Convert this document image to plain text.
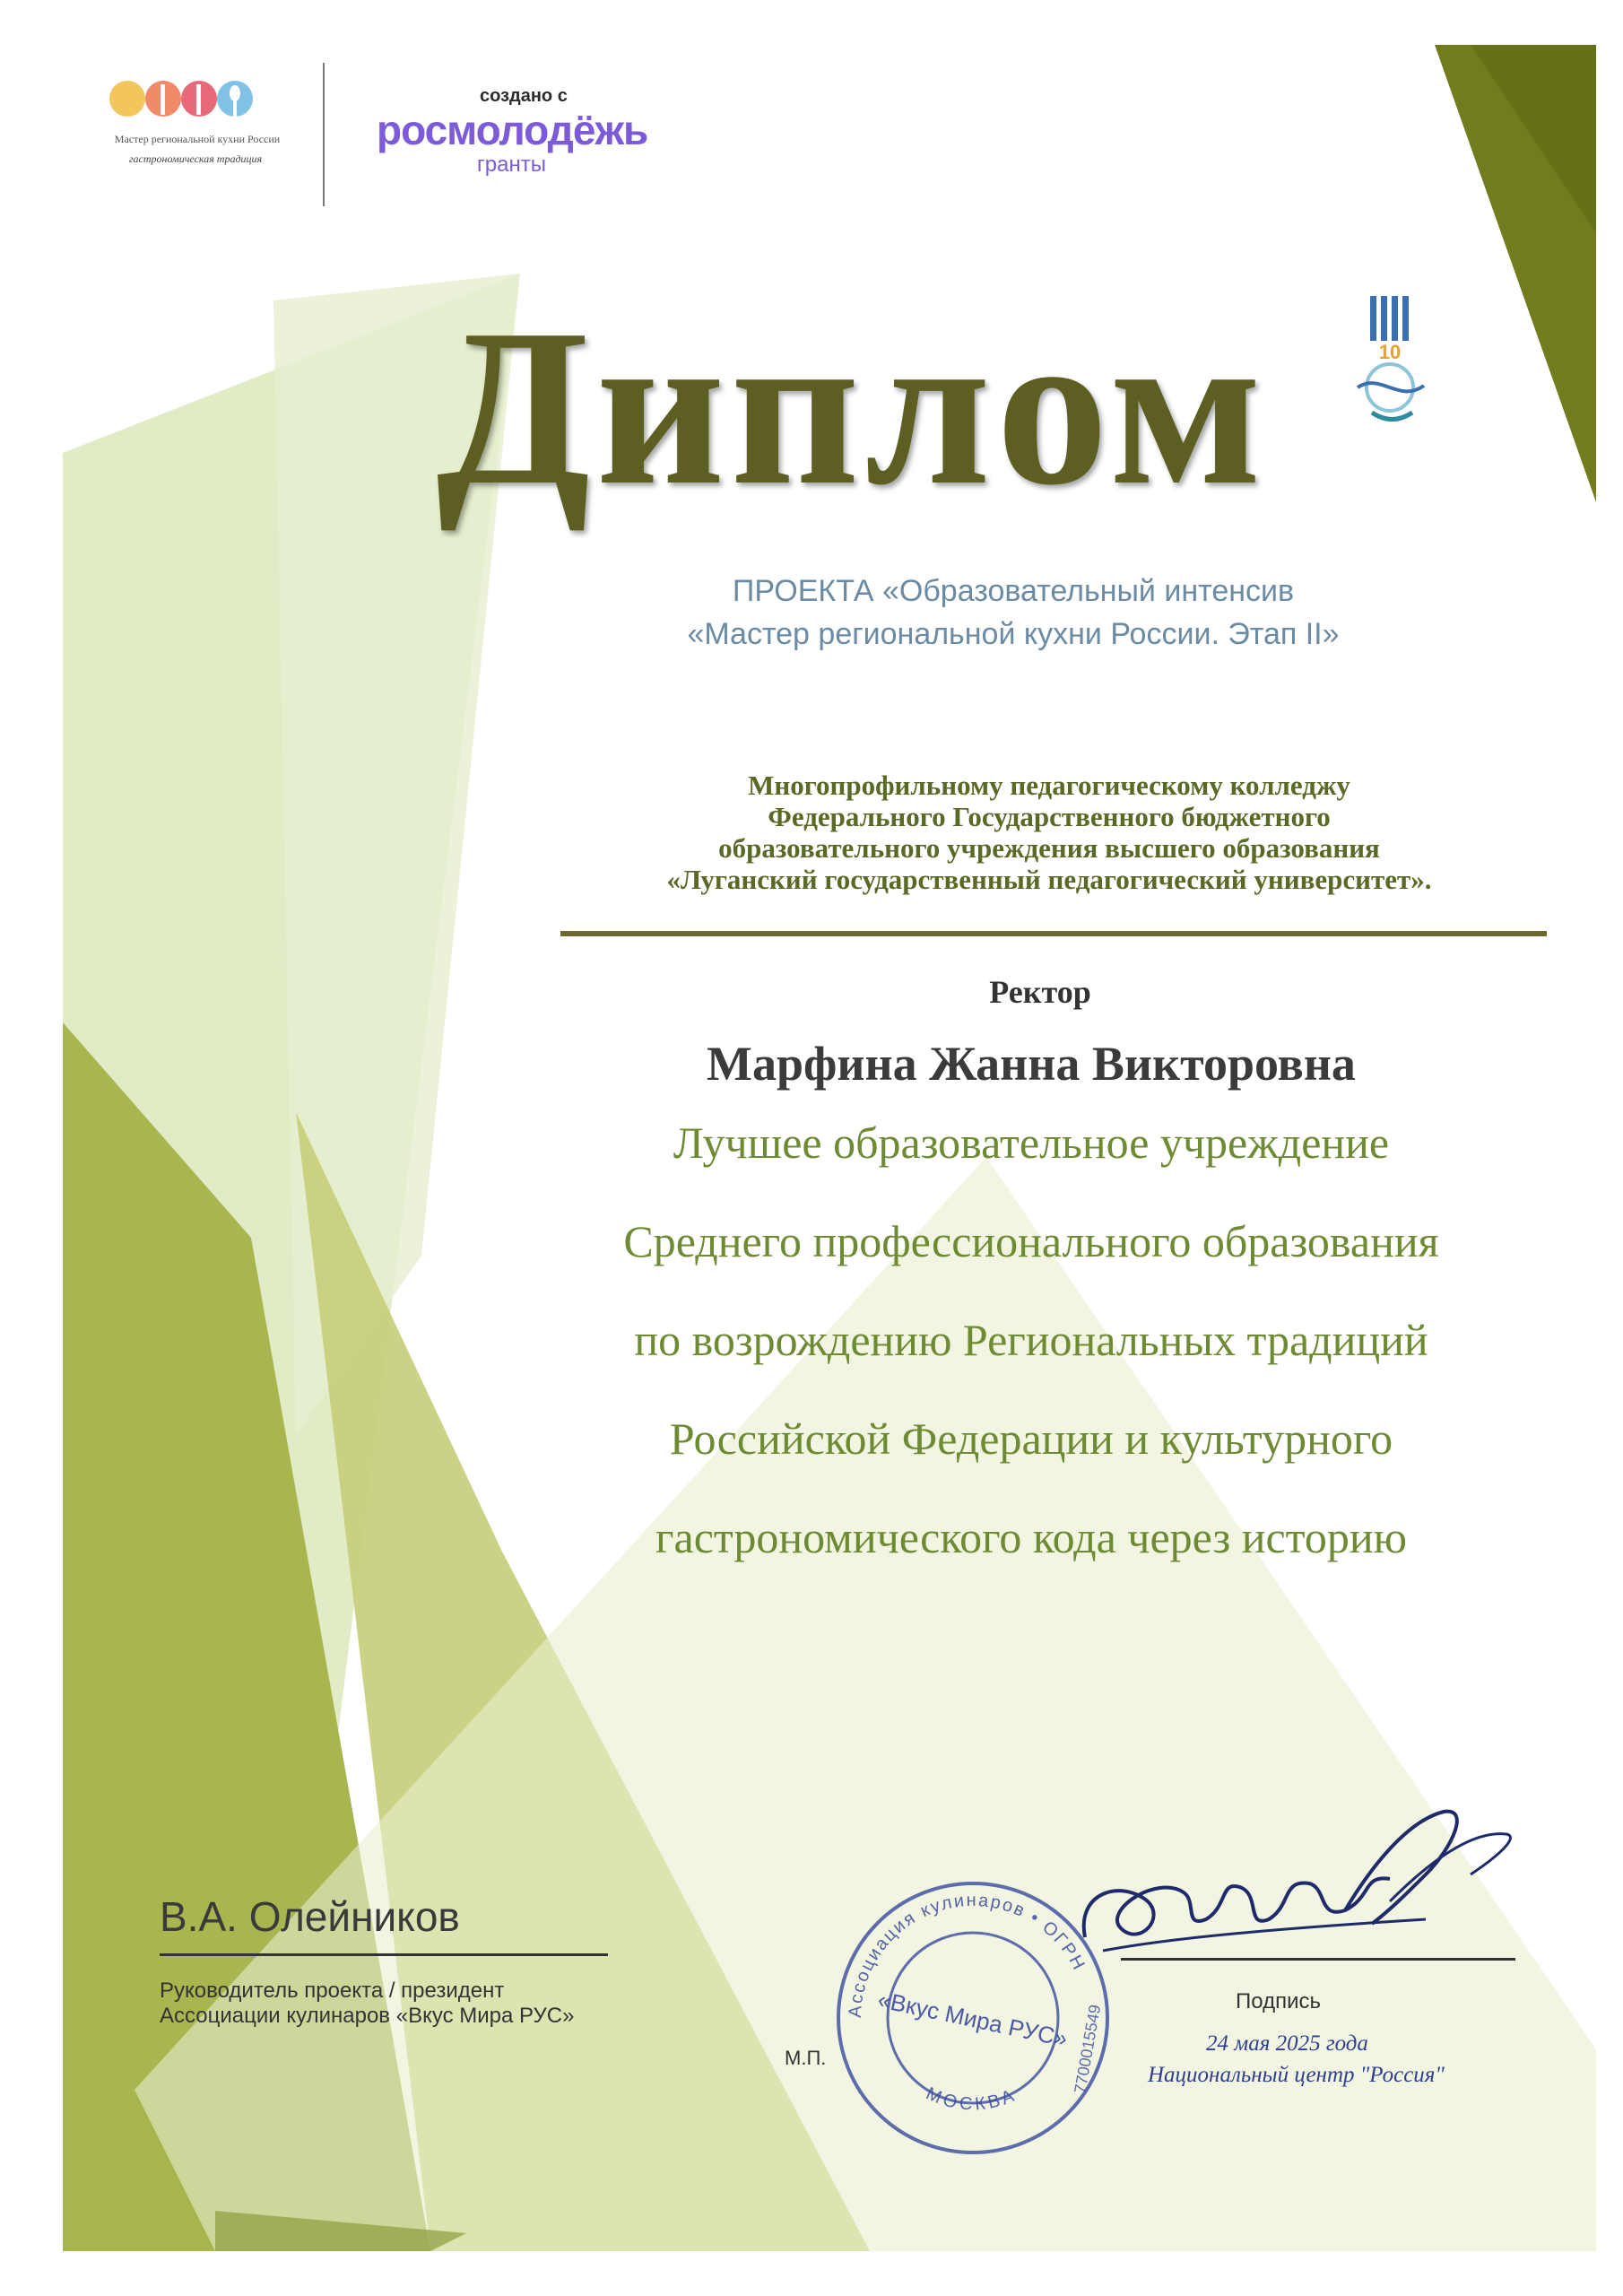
Мастер региональной кухни России
гастрономическая традиция
создано с
росмолодёжь
гранты
10
Диплом
ПРОЕКТА «Образовательный интенсив
«Мастер региональной кухни России. Этап II»
Многопрофильному педагогическому колледжу
Федерального Государственного бюджетного
образовательного учреждения высшего образования
«Луганский государственный педагогический университет».
Ректор
Марфина Жанна Викторовна
Лучшее образовательное учреждение
Среднего профессионального образования
по возрождению Региональных традиций
Российской Федерации и культурного
гастрономического кода через историю
В.А. Олейников
Руководитель проекта / президент
Ассоциации кулинаров «Вкус Мира РУС»
М.П.
Ассоциация кулинаров • ОГРН
МОСКВА
«Вкус Мира РУС» 7700015549
Подпись
24 мая 2025 года
Национальный центр "Россия"
